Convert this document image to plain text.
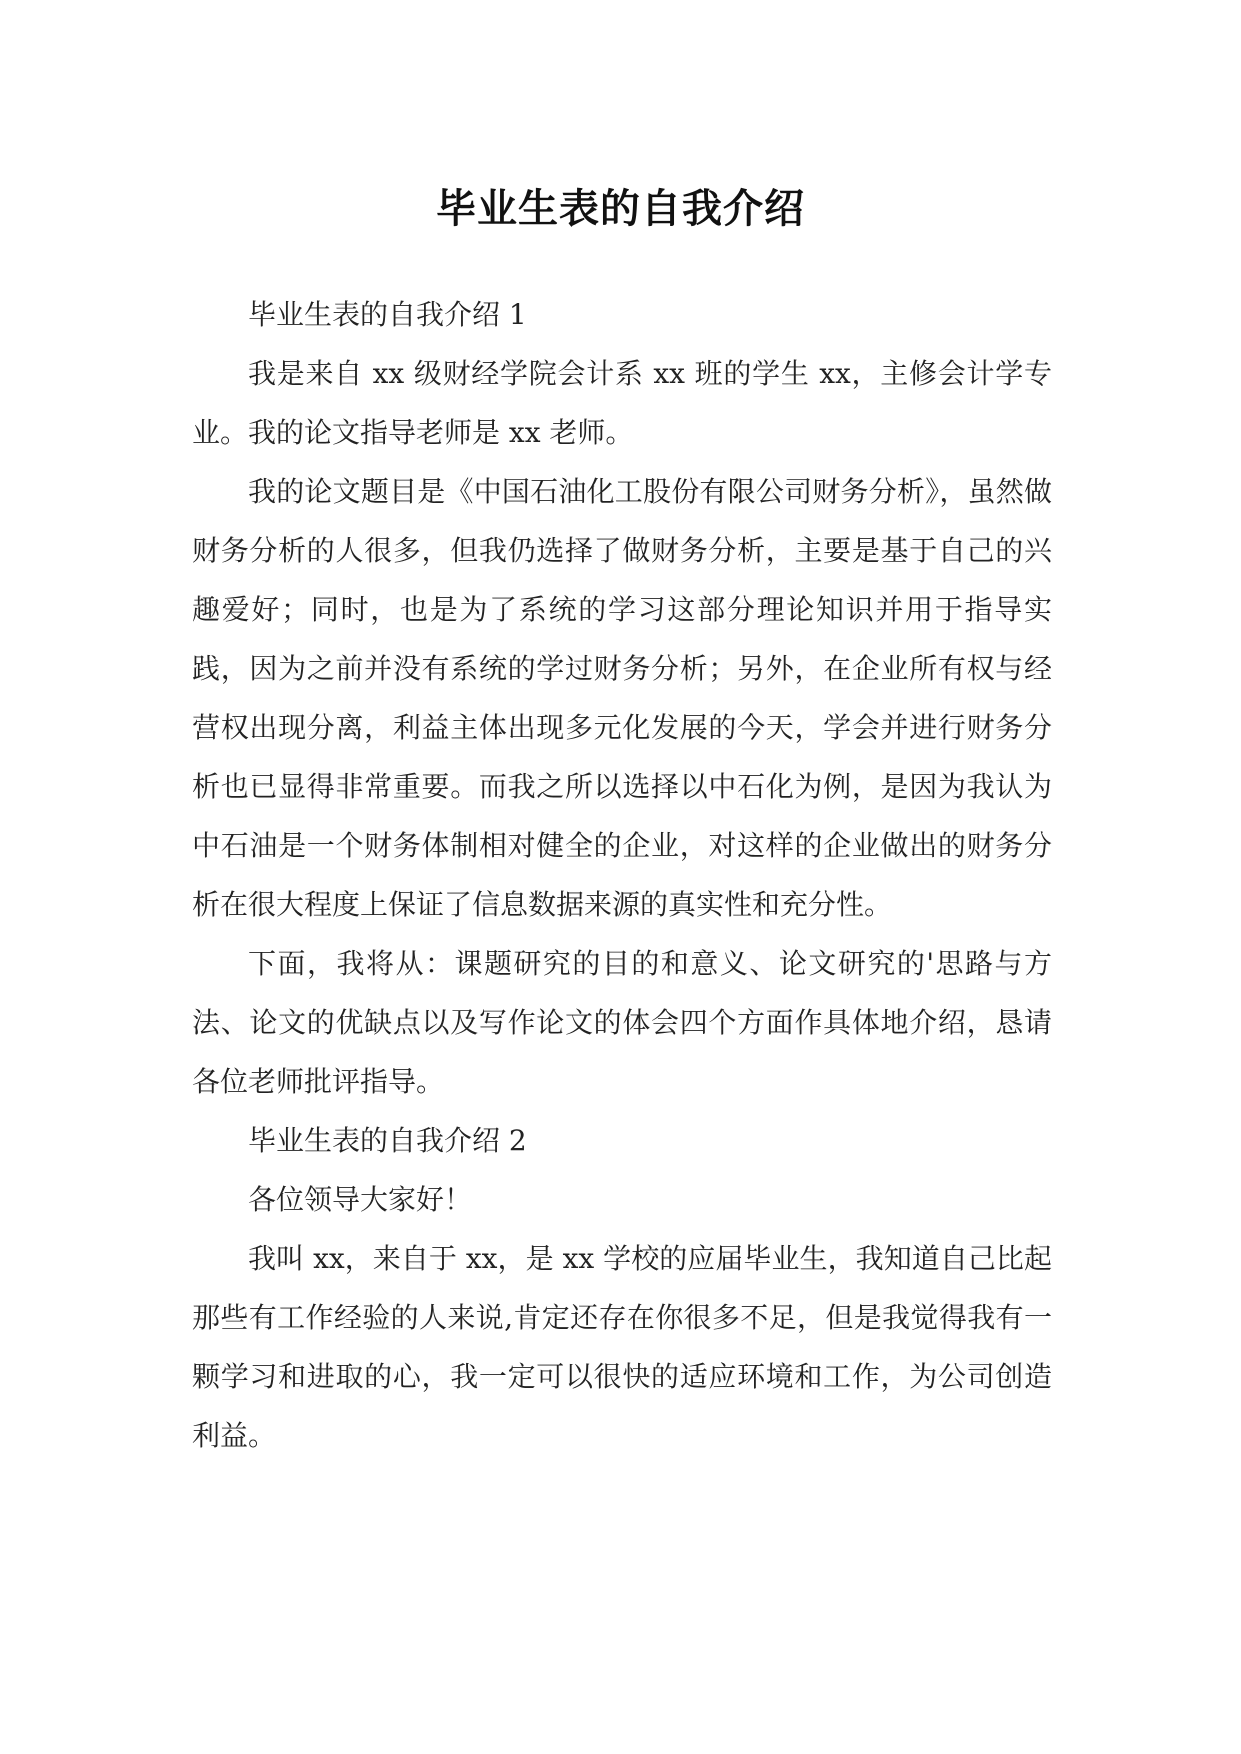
毕业生表的自我介绍

毕业生表的自我介绍 1

我是来自 xx 级财经学院会计系 xx 班的学生 xx，主修会计学专业。我的论文指导老师是 xx 老师。

我的论文题目是《中国石油化工股份有限公司财务分析》，虽然做财务分析的人很多，但我仍选择了做财务分析，主要是基于自己的兴趣爱好；同时，也是为了系统的学习这部分理论知识并用于指导实践，因为之前并没有系统的学过财务分析；另外，在企业所有权与经营权出现分离，利益主体出现多元化发展的今天，学会并进行财务分析也已显得非常重要。而我之所以选择以中石化为例，是因为我认为中石油是一个财务体制相对健全的企业，对这样的企业做出的财务分析在很大程度上保证了信息数据来源的真实性和充分性。

下面，我将从：课题研究的目的和意义、论文研究的'思路与方法、论文的优缺点以及写作论文的体会四个方面作具体地介绍，恳请各位老师批评指导。

毕业生表的自我介绍 2

各位领导大家好！

我叫 xx，来自于 xx，是 xx 学校的应届毕业生，我知道自己比起那些有工作经验的人来说,肯定还存在你很多不足，但是我觉得我有一颗学习和进取的心，我一定可以很快的适应环境和工作，为公司创造利益。
